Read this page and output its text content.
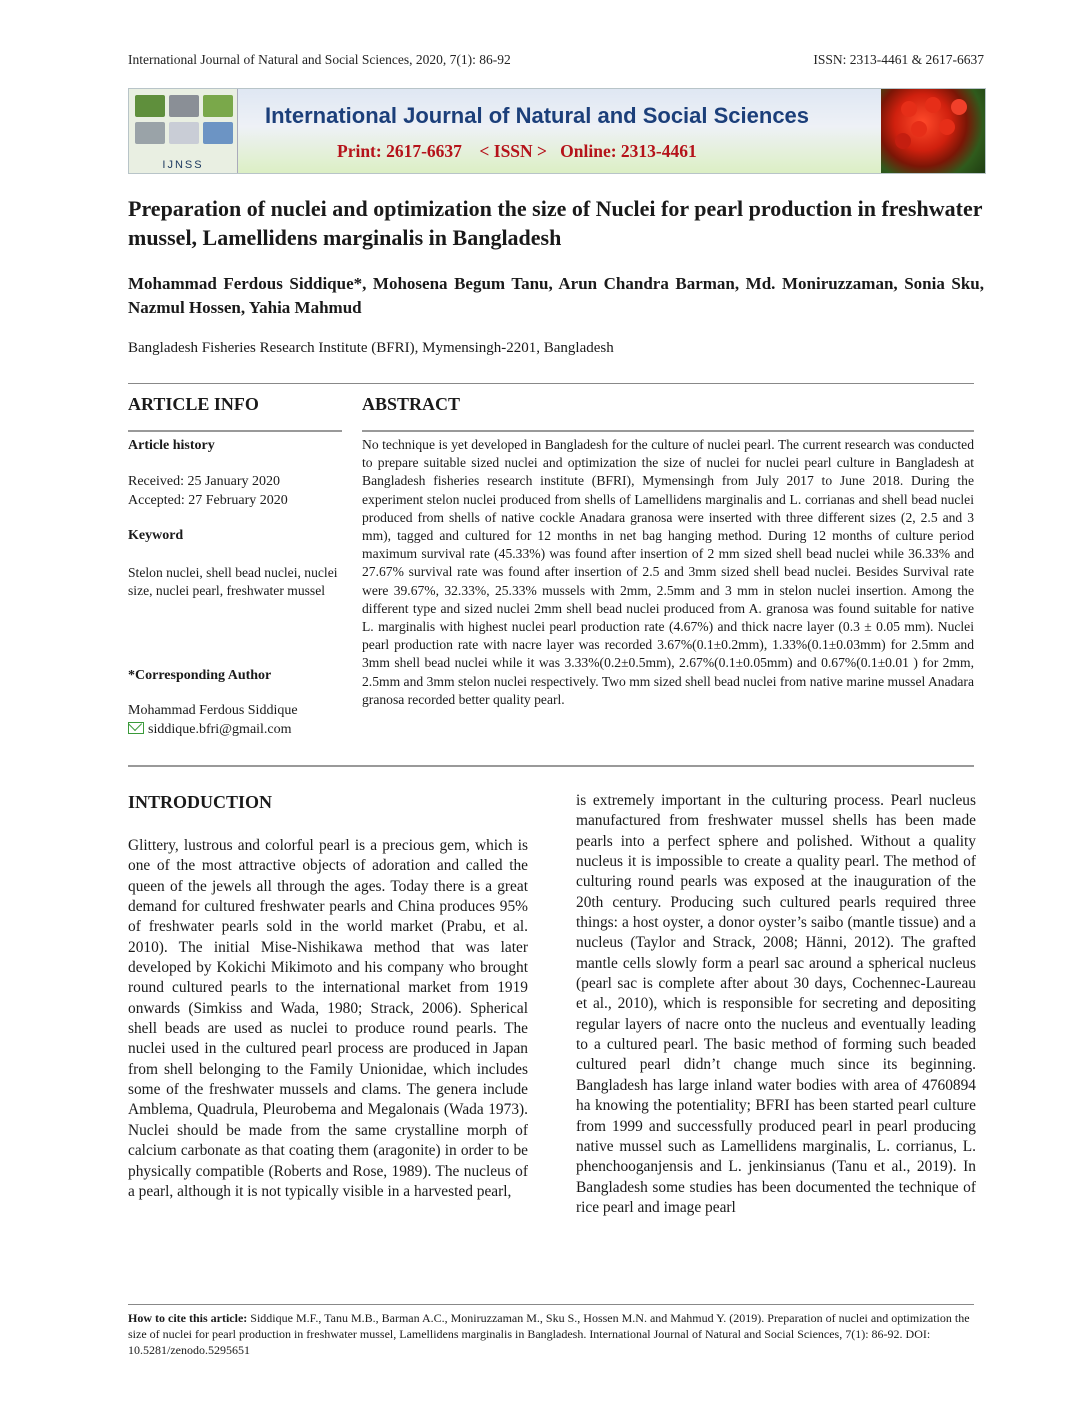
International Journal of Natural and Social Sciences, 2020, 7(1): 86-92	ISSN: 2313-4461 & 2617-6637
IJNSS
International Journal of Natural and Social Sciences
Print: 2617-6637    < ISSN >   Online: 2313-4461
Preparation of nuclei and optimization the size of Nuclei for pearl production in freshwater mussel, Lamellidens marginalis in Bangladesh
Mohammad Ferdous Siddique*, Mohosena Begum Tanu, Arun Chandra Barman, Md. Moniruzzaman, Sonia Sku, Nazmul Hossen, Yahia Mahmud
Bangladesh Fisheries Research Institute (BFRI), Mymensingh-2201, Bangladesh
ARTICLE INFO
Article history
Received: 25 January 2020
Accepted: 27 February 2020
Keyword
Stelon nuclei, shell bead nuclei, nuclei size, nuclei pearl, freshwater mussel
*Corresponding Author
Mohammad Ferdous Siddique
siddique.bfri@gmail.com
ABSTRACT
No technique is yet developed in Bangladesh for the culture of nuclei pearl. The current research was conducted to prepare suitable sized nuclei and optimization the size of nuclei for nuclei pearl culture in Bangladesh at Bangladesh fisheries research institute (BFRI), Mymensingh from July 2017 to June 2018. During the experiment stelon nuclei produced from shells of Lamellidens marginalis and L. corrianas and shell bead nuclei produced from shells of native cockle Anadara granosa were inserted with three different sizes (2, 2.5 and 3 mm), tagged and cultured for 12 months in net bag hanging method. During 12 months of culture period maximum survival rate (45.33%) was found after insertion of 2 mm sized shell bead nuclei while 36.33% and 27.67% survival rate was found after insertion of 2.5 and 3mm sized shell bead nuclei. Besides Survival rate were 39.67%, 32.33%, 25.33% mussels with 2mm, 2.5mm and 3 mm in stelon nuclei insertion. Among the different type and sized nuclei 2mm shell bead nuclei produced from A. granosa was found suitable for native L. marginalis with highest nuclei pearl production rate (4.67%) and thick nacre layer (0.3 ± 0.05 mm). Nuclei pearl production rate with nacre layer was recorded 3.67%(0.1±0.2mm), 1.33%(0.1±0.03mm) for 2.5mm and 3mm shell bead nuclei while it was 3.33%(0.2±0.5mm), 2.67%(0.1±0.05mm) and 0.67%(0.1±0.01 ) for 2mm, 2.5mm and 3mm stelon nuclei respectively. Two mm sized shell bead nuclei from native marine mussel Anadara granosa recorded better quality pearl.
INTRODUCTION
Glittery, lustrous and colorful pearl is a precious gem, which is one of the most attractive objects of adoration and called the queen of the jewels all through the ages. Today there is a great demand for cultured freshwater pearls and China produces 95% of freshwater pearls sold in the world market (Prabu, et al. 2010). The initial Mise-Nishikawa method that was later developed by Kokichi Mikimoto and his company who brought round cultured pearls to the international market from 1919 onwards (Simkiss and Wada, 1980; Strack, 2006). Spherical shell beads are used as nuclei to produce round pearls. The nuclei used in the cultured pearl process are produced in Japan from shell belonging to the Family Unionidae, which includes some of the freshwater mussels and clams. The genera include Amblema, Quadrula, Pleurobema and Megalonais (Wada 1973). Nuclei should be made from the same crystalline morph of calcium carbonate as that coating them (aragonite) in order to be physically compatible (Roberts and Rose, 1989). The nucleus of a pearl, although it is not typically visible in a harvested pearl,
is extremely important in the culturing process. Pearl nucleus manufactured from freshwater mussel shells has been made pearls into a perfect sphere and polished. Without a quality nucleus it is impossible to create a quality pearl. The method of culturing round pearls was exposed at the inauguration of the 20th century. Producing such cultured pearls required three things: a host oyster, a donor oyster’s saibo (mantle tissue) and a nucleus (Taylor and Strack, 2008; Hänni, 2012). The grafted mantle cells slowly form a pearl sac around a spherical nucleus (pearl sac is complete after about 30 days, Cochennec-Laureau et al., 2010), which is responsible for secreting and depositing regular layers of nacre onto the nucleus and eventually leading to a cultured pearl. The basic method of forming such beaded cultured pearl didn’t change much since its beginning. Bangladesh has large inland water bodies with area of 4760894 ha knowing the potentiality; BFRI has been started pearl culture from 1999 and successfully produced pearl in pearl producing native mussel such as Lamellidens marginalis, L. corrianus, L. phenchooganjensis and L. jenkinsianus (Tanu et al., 2019). In Bangladesh some studies has been documented the technique of rice pearl and image pearl
How to cite this article: Siddique M.F., Tanu M.B., Barman A.C., Moniruzzaman M., Sku S., Hossen M.N. and Mahmud Y. (2019). Preparation of nuclei and optimization the size of nuclei for pearl production in freshwater mussel, Lamellidens marginalis in Bangladesh. International Journal of Natural and Social Sciences, 7(1): 86-92. DOI: 10.5281/zenodo.5295651
